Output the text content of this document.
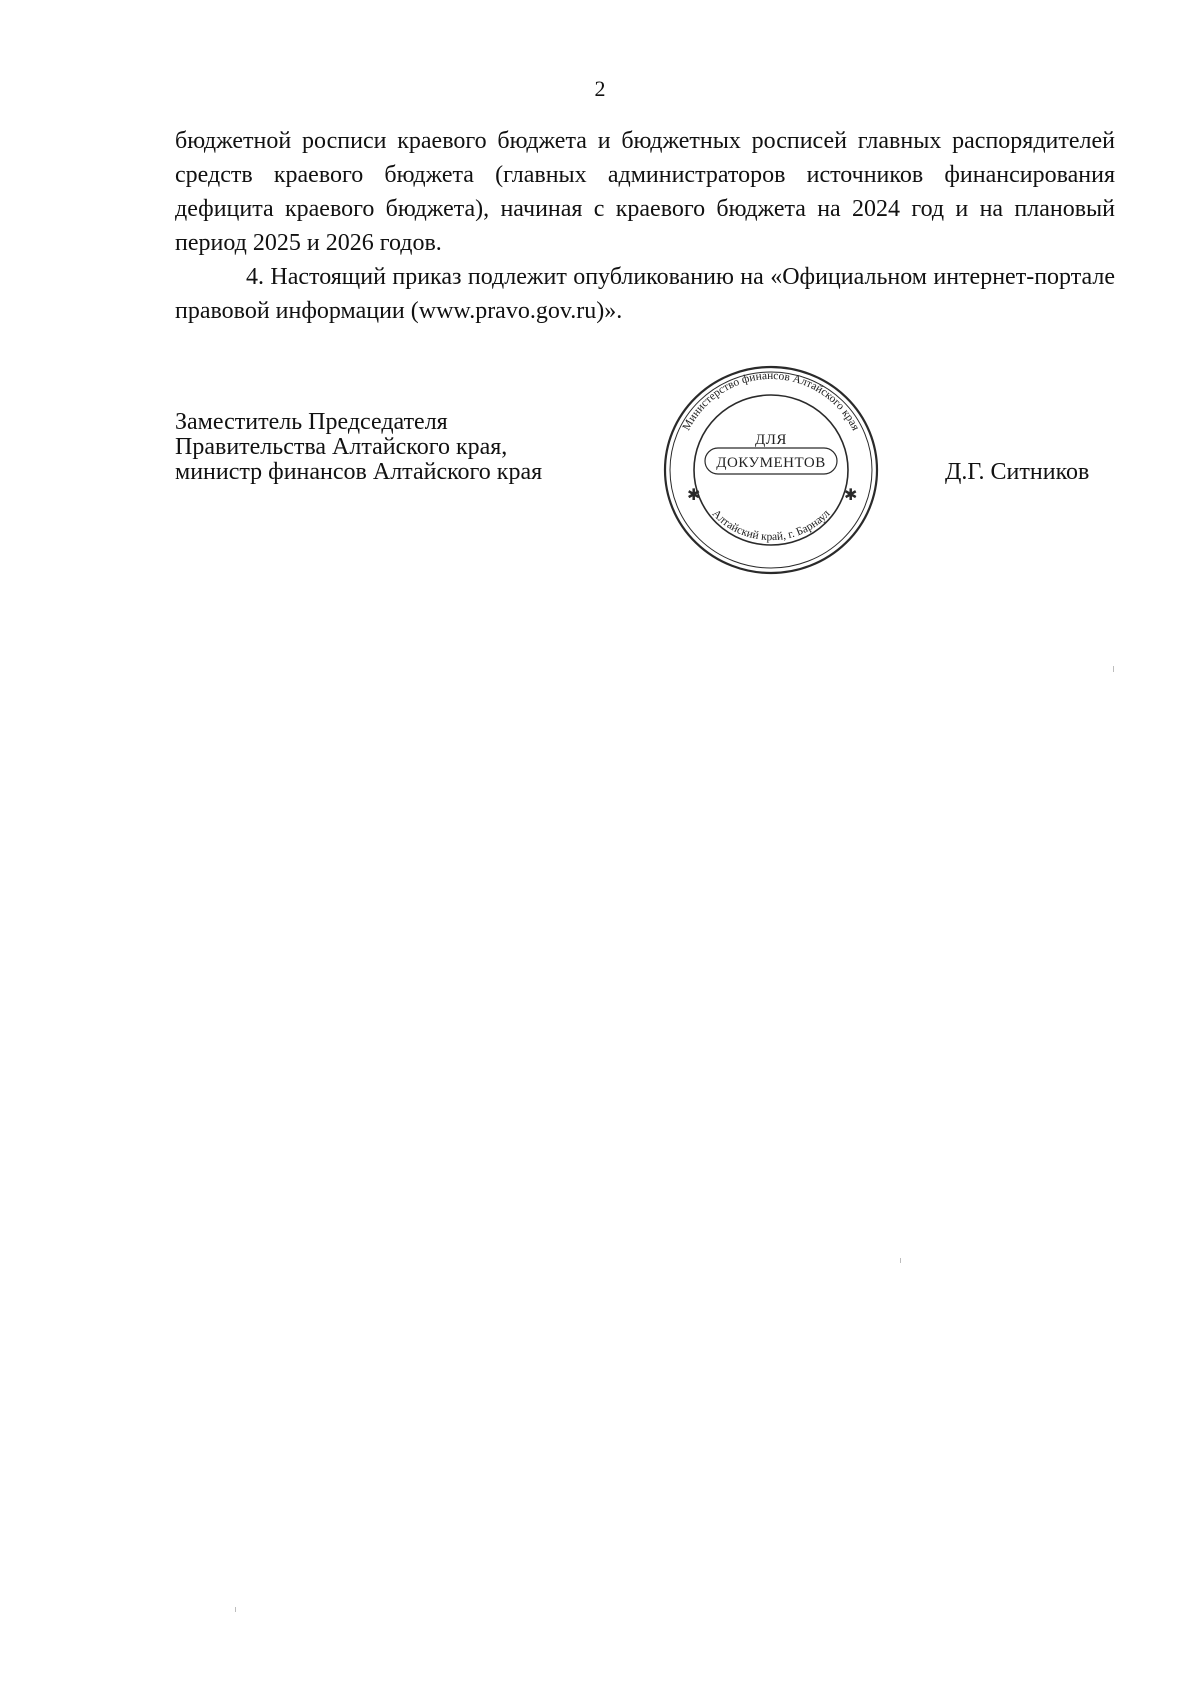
2

бюджетной росписи краевого бюджета и бюджетных росписей главных распорядителей средств краевого бюджета (главных администраторов источников финансирования дефицита краевого бюджета), начиная с краевого бюджета на 2024 год и на плановый период 2025 и 2026 годов.

4. Настоящий приказ подлежит опубликованию на «Официальном интернет-портале правовой информации (www.pravo.gov.ru)».

Заместитель Председателя
Правительства Алтайского края,
министр финансов Алтайского края
Министерство финансов Алтайского края
Алтайский край, г. Барнаул
✱	✱
ДЛЯ
ДОКУМЕНТОВ	Д.Г. Ситников
